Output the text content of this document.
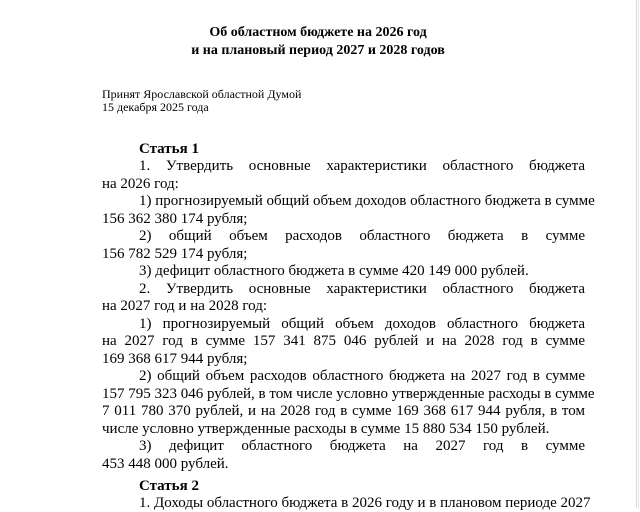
Об областном бюджете на 2026 год
и на плановый период 2027 и 2028 годов
Принят Ярославской областной Думой
15 декабря 2025 года
Статья 1
1. Утвердить основные характеристики областного бюджета
на 2026 год:
1) прогнозируемый общий объем доходов областного бюджета в сумме
156 362 380 174 рубля;
2) общий объем расходов областного бюджета в сумме
156 782 529 174 рубля;
3) дефицит областного бюджета в сумме 420 149 000 рублей.
2. Утвердить основные характеристики областного бюджета
на 2027 год и на 2028 год:
1) прогнозируемый общий объем доходов областного бюджета
на 2027 год в сумме 157 341 875 046 рублей и на 2028 год в сумме
169 368 617 944 рубля;
2) общий объем расходов областного бюджета на 2027 год в сумме
157 795 323 046 рублей, в том числе условно утвержденные расходы в сумме
7 011 780 370 рублей, и на 2028 год в сумме 169 368 617 944 рубля, в том
числе условно утвержденные расходы в сумме 15 880 534 150 рублей.
3) дефицит областного бюджета на 2027 год в сумме
453 448 000 рублей.
Статья 2
1. Доходы областного бюджета в 2026 году и в плановом периоде 2027
